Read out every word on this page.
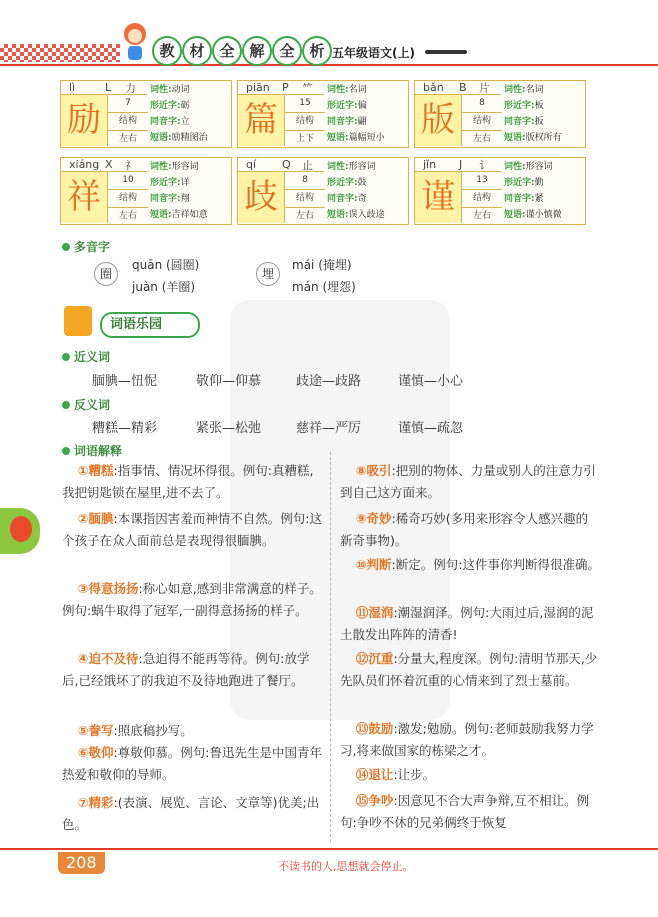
教 材 全 解 全 析 五年级语文(上)
lì	L 力
励	7
结构
左右
词性:动词
形近字:砺
同音字:立
短语:励精图治
piān P ⺮
篇	15
结构
上下
词性:名词
形近字:偏
同音字:翩
短语:篇幅短小
bǎn B 片
版	8
结构
左右
词性:名词
形近字:板
同音字:扳
短语:版权所有
xiáng X 礻
祥	10
结构
左右
词性:形容词
形近字:详
同音字:翔
短语:吉祥如意
qí Q 止
歧	8
结构
左右
词性:形容词
形近字:鼓
同音字:奇
短语:误入歧途
jǐn J 讠
谨	13
结构
左右
词性:形容词
形近字:勤
同音字:紧
短语:谨小慎微
多音字
圈
quān (圆圈)
juàn (羊圈)
埋
mái (掩埋)
mán (埋怨)
词语乐园
近义词
腼腆—忸怩	敬仰—仰慕	歧途—歧路	谨慎—小心
反义词
糟糕—精彩	紧张—松弛	慈祥—严厉	谨慎—疏忽
词语解释
①糟糕:指事情、情况坏得很。例句:真糟糕,我把钥匙锁在屋里,进不去了。
②腼腆:本课指因害羞而神情不自然。例句:这个孩子在众人面前总是表现得很腼腆。
③得意扬扬:称心如意,感到非常满意的样子。例句:蜗牛取得了冠军,一副得意扬扬的样子。
④迫不及待:急迫得不能再等待。例句:放学后,已经饿坏了的我迫不及待地跑进了餐厅。
⑤誊写:照底稿抄写。
⑥敬仰:尊敬仰慕。例句:鲁迅先生是中国青年热爱和敬仰的导师。
⑦精彩:(表演、展览、言论、文章等)优美;出色。
⑧吸引:把别的物体、力量或别人的注意力引到自己这方面来。
⑨奇妙:稀奇巧妙(多用来形容令人感兴趣的新奇事物)。
⑩判断:断定。例句:这件事你判断得很准确。
⑪湿润:潮湿润泽。例句:大雨过后,湿润的泥土散发出阵阵的清香!
⑫沉重:分量大,程度深。例句:清明节那天,少先队员们怀着沉重的心情来到了烈士墓前。
⑬鼓励:激发;勉励。例句:老师鼓励我努力学习,将来做国家的栋梁之才。
⑭退让:让步。
⑮争吵:因意见不合大声争辩,互不相让。例句:争吵不休的兄弟俩终于恢复
208	不读书的人,思想就会停止。
